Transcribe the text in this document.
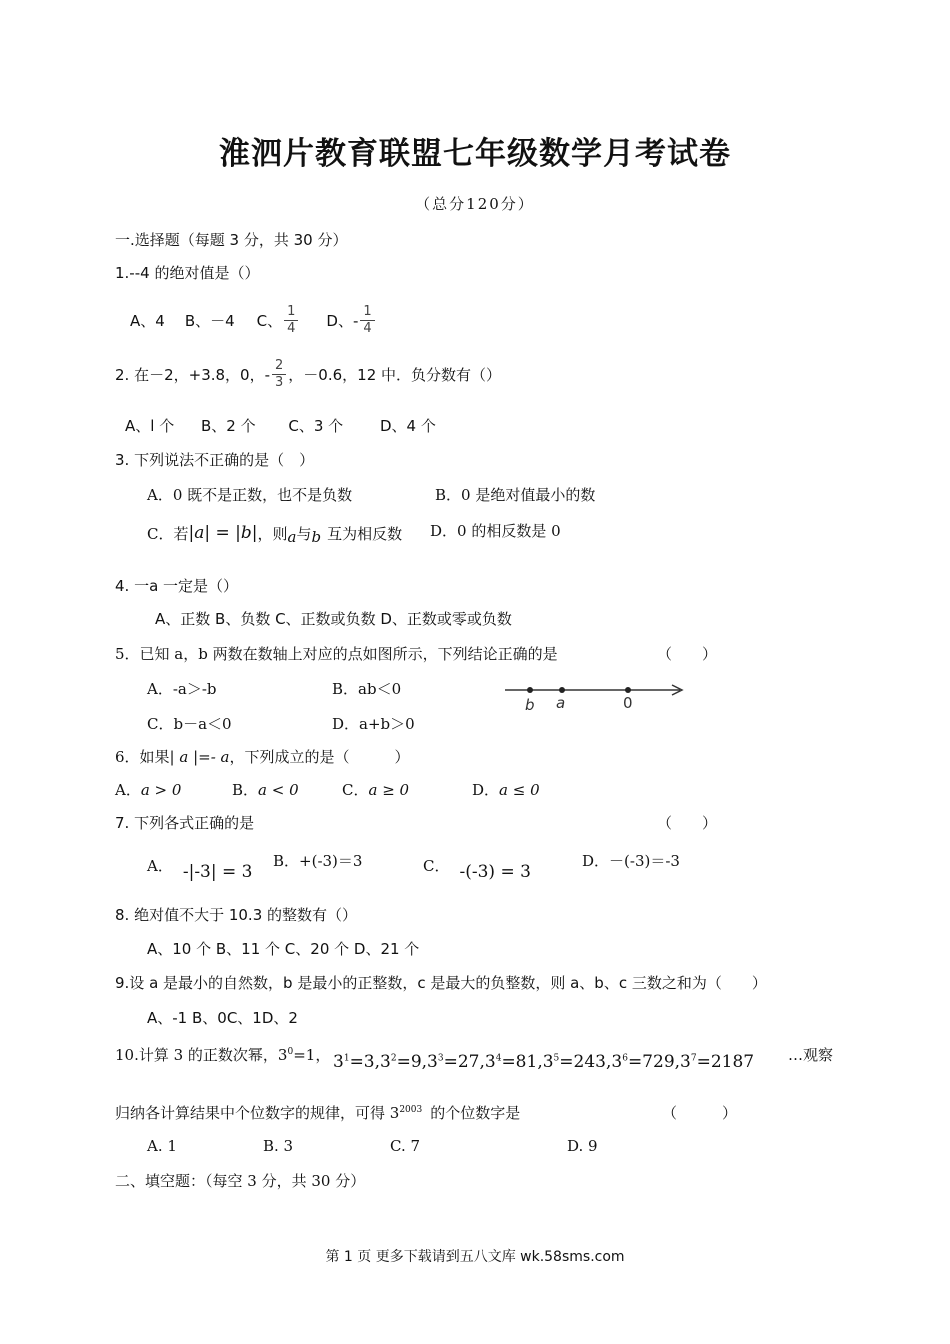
淮泗片教育联盟七年级数学月考试卷
（总分120分）
一.选择题（每题 3 分，共 30 分）
1.--4 的绝对值是（）
A、4 B、－4 C、 $\frac{1}{4}$ D、- $\frac{1}{4}$
2. 在－2，+3.8，0，- $\frac{2}{3}$ ，－0.6，12 中．负分数有（）
A、l 个 B、2 个 C、3 个 D、4 个
3. 下列说法不正确的是（　）
A．0 既不是正数，也不是负数	B．0 是绝对值最小的数
C．若 |a| = |b| ，则 a 与 b 互为相反数 D．0 的相反数是 0
4. 一a 一定是（）
A、正数 B、负数 C、正数或负数 D、正数或零或负数
5．已知 a，b 两数在数轴上对应的点如图所示，下列结论正确的是	（　　）
A．-a＞-b	B．ab＜0
C．b－a＜0	D．a+b＞0
b a	0
6．如果| a |=- a，下列成立的是（　　　）
A．a > 0	B．a < 0	C．a ≥ 0	D．a ≤ 0
7. 下列各式正确的是	（　　）
A． -|-3| = 3
B．+(-3)＝3	C． -(-3) = 3
D．－(-3)＝-3
8. 绝对值不大于 10.3 的整数有（）
A、10 个 B、11 个 C、20 个 D、21 个
9.设 a 是最小的自然数，b 是最小的正整数，c 是最大的负整数，则 a、b、c 三数之和为（　　）
A、-1 B、0C、1D、2
10.计算 3 的正数次幂，$3^0=1$， $3^1=3,3^2=9,3^3=27,3^4=81,3^5=243,3^6=729,3^7=2187$ …观察
归纳各计算结果中个位数字的规律，可得 $3^{2003}$ 的个位数字是	（　　　）
A. 1	B. 3	C. 7	D. 9
二、填空题：（每空 3 分，共 30 分）
第 1 页 更多下载请到五八文库 wk.58sms.com
